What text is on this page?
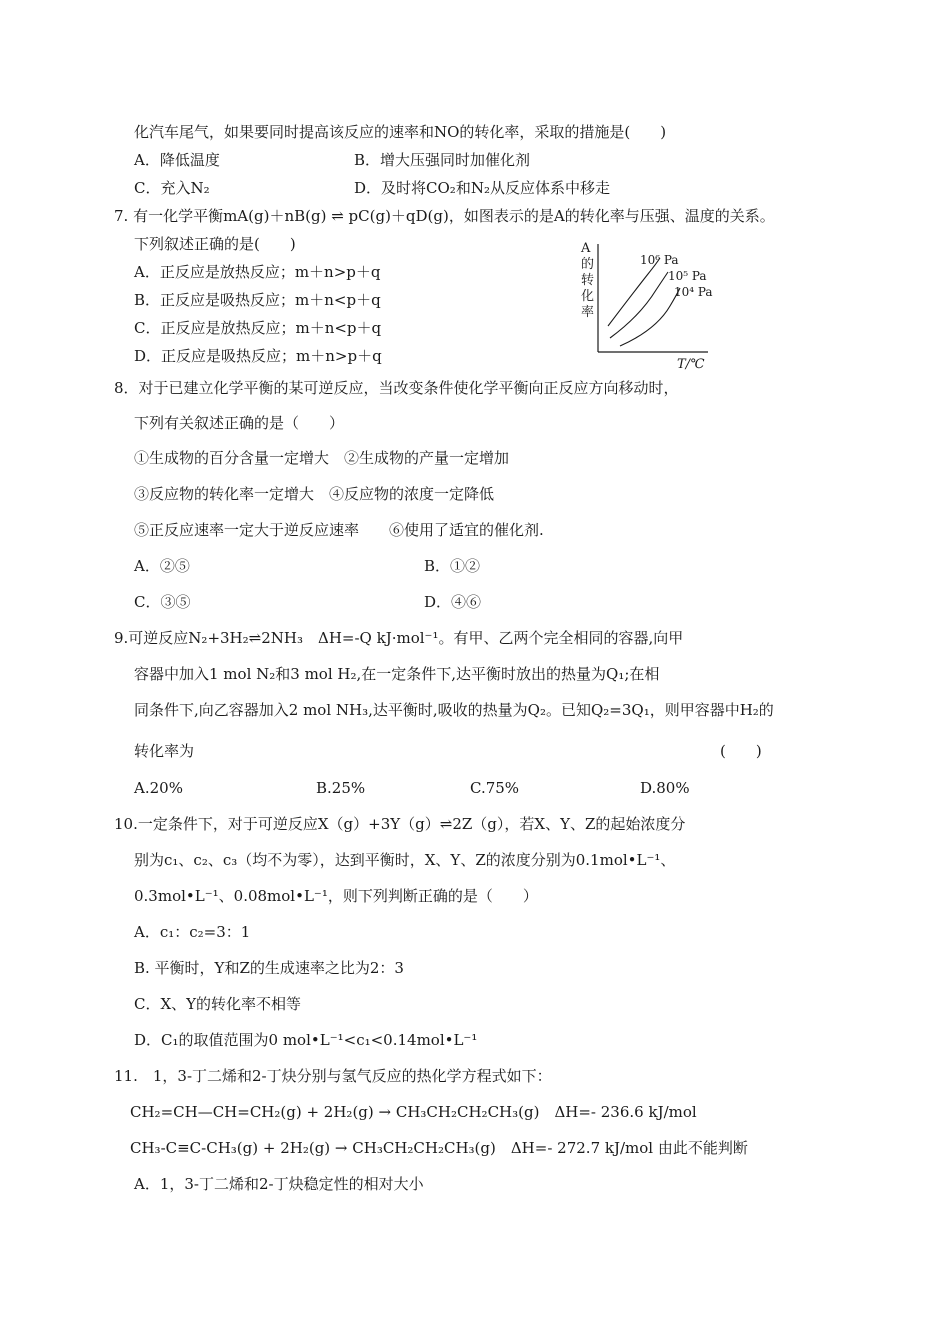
化汽车尾气，如果要同时提高该反应的速率和NO的转化率，采取的措施是(　　)
A．降低温度	B．增大压强同时加催化剂
C．充入N₂	D．及时将CO₂和N₂从反应体系中移走
7. 有一化学平衡mA(g)＋nB(g) ⇌ pC(g)＋qD(g)，如图表示的是A的转化率与压强、温度的关系。
下列叙述正确的是(　　)
A．正反应是放热反应；m＋n>p＋q
B．正反应是吸热反应；m＋n<p＋q
C．正反应是放热反应；m＋n<p＋q
D．正反应是吸热反应；m＋n>p＋q
A
的
转
化
率
T/℃
10⁶ Pa
10⁵ Pa
10⁴ Pa
8．对于已建立化学平衡的某可逆反应，当改变条件使化学平衡向正反应方向移动时，
下列有关叙述正确的是（　　）
①生成物的百分含量一定增大　②生成物的产量一定增加
③反应物的转化率一定增大　④反应物的浓度一定降低
⑤正反应速率一定大于逆反应速率　　⑥使用了适宜的催化剂.
A．②⑤	B．①②
C．③⑤	D．④⑥
9.可逆反应N₂+3H₂⇌2NH₃　ΔH=-Q kJ·mol⁻¹。有甲、乙两个完全相同的容器,向甲
容器中加入1 mol N₂和3 mol H₂,在一定条件下,达平衡时放出的热量为Q₁;在相
同条件下,向乙容器加入2 mol NH₃,达平衡时,吸收的热量为Q₂。已知Q₂=3Q₁，则甲容器中H₂的
转化率为	(　　)
A.20%	B.25%	C.75%	D.80%
10.一定条件下，对于可逆反应X（g）+3Y（g）⇌2Z（g），若X、Y、Z的起始浓度分
别为c₁、c₂、c₃（均不为零），达到平衡时，X、Y、Z的浓度分别为0.1mol•L⁻¹、
0.3mol•L⁻¹、0.08mol•L⁻¹，则下列判断正确的是（　　）
A．c₁：c₂=3：1
B. 平衡时，Y和Z的生成速率之比为2：3
C．X、Y的转化率不相等
D．C₁的取值范围为0 mol•L⁻¹<c₁<0.14mol•L⁻¹
11.　1，3-丁二烯和2-丁炔分别与氢气反应的热化学方程式如下：
CH₂=CH—CH=CH₂(g) + 2H₂(g) → CH₃CH₂CH₂CH₃(g)　ΔH=- 236.6 kJ/mol
CH₃-C≡C-CH₃(g) + 2H₂(g) → CH₃CH₂CH₂CH₃(g)　ΔH=- 272.7 kJ/mol 由此不能判断
A．1，3-丁二烯和2-丁炔稳定性的相对大小
